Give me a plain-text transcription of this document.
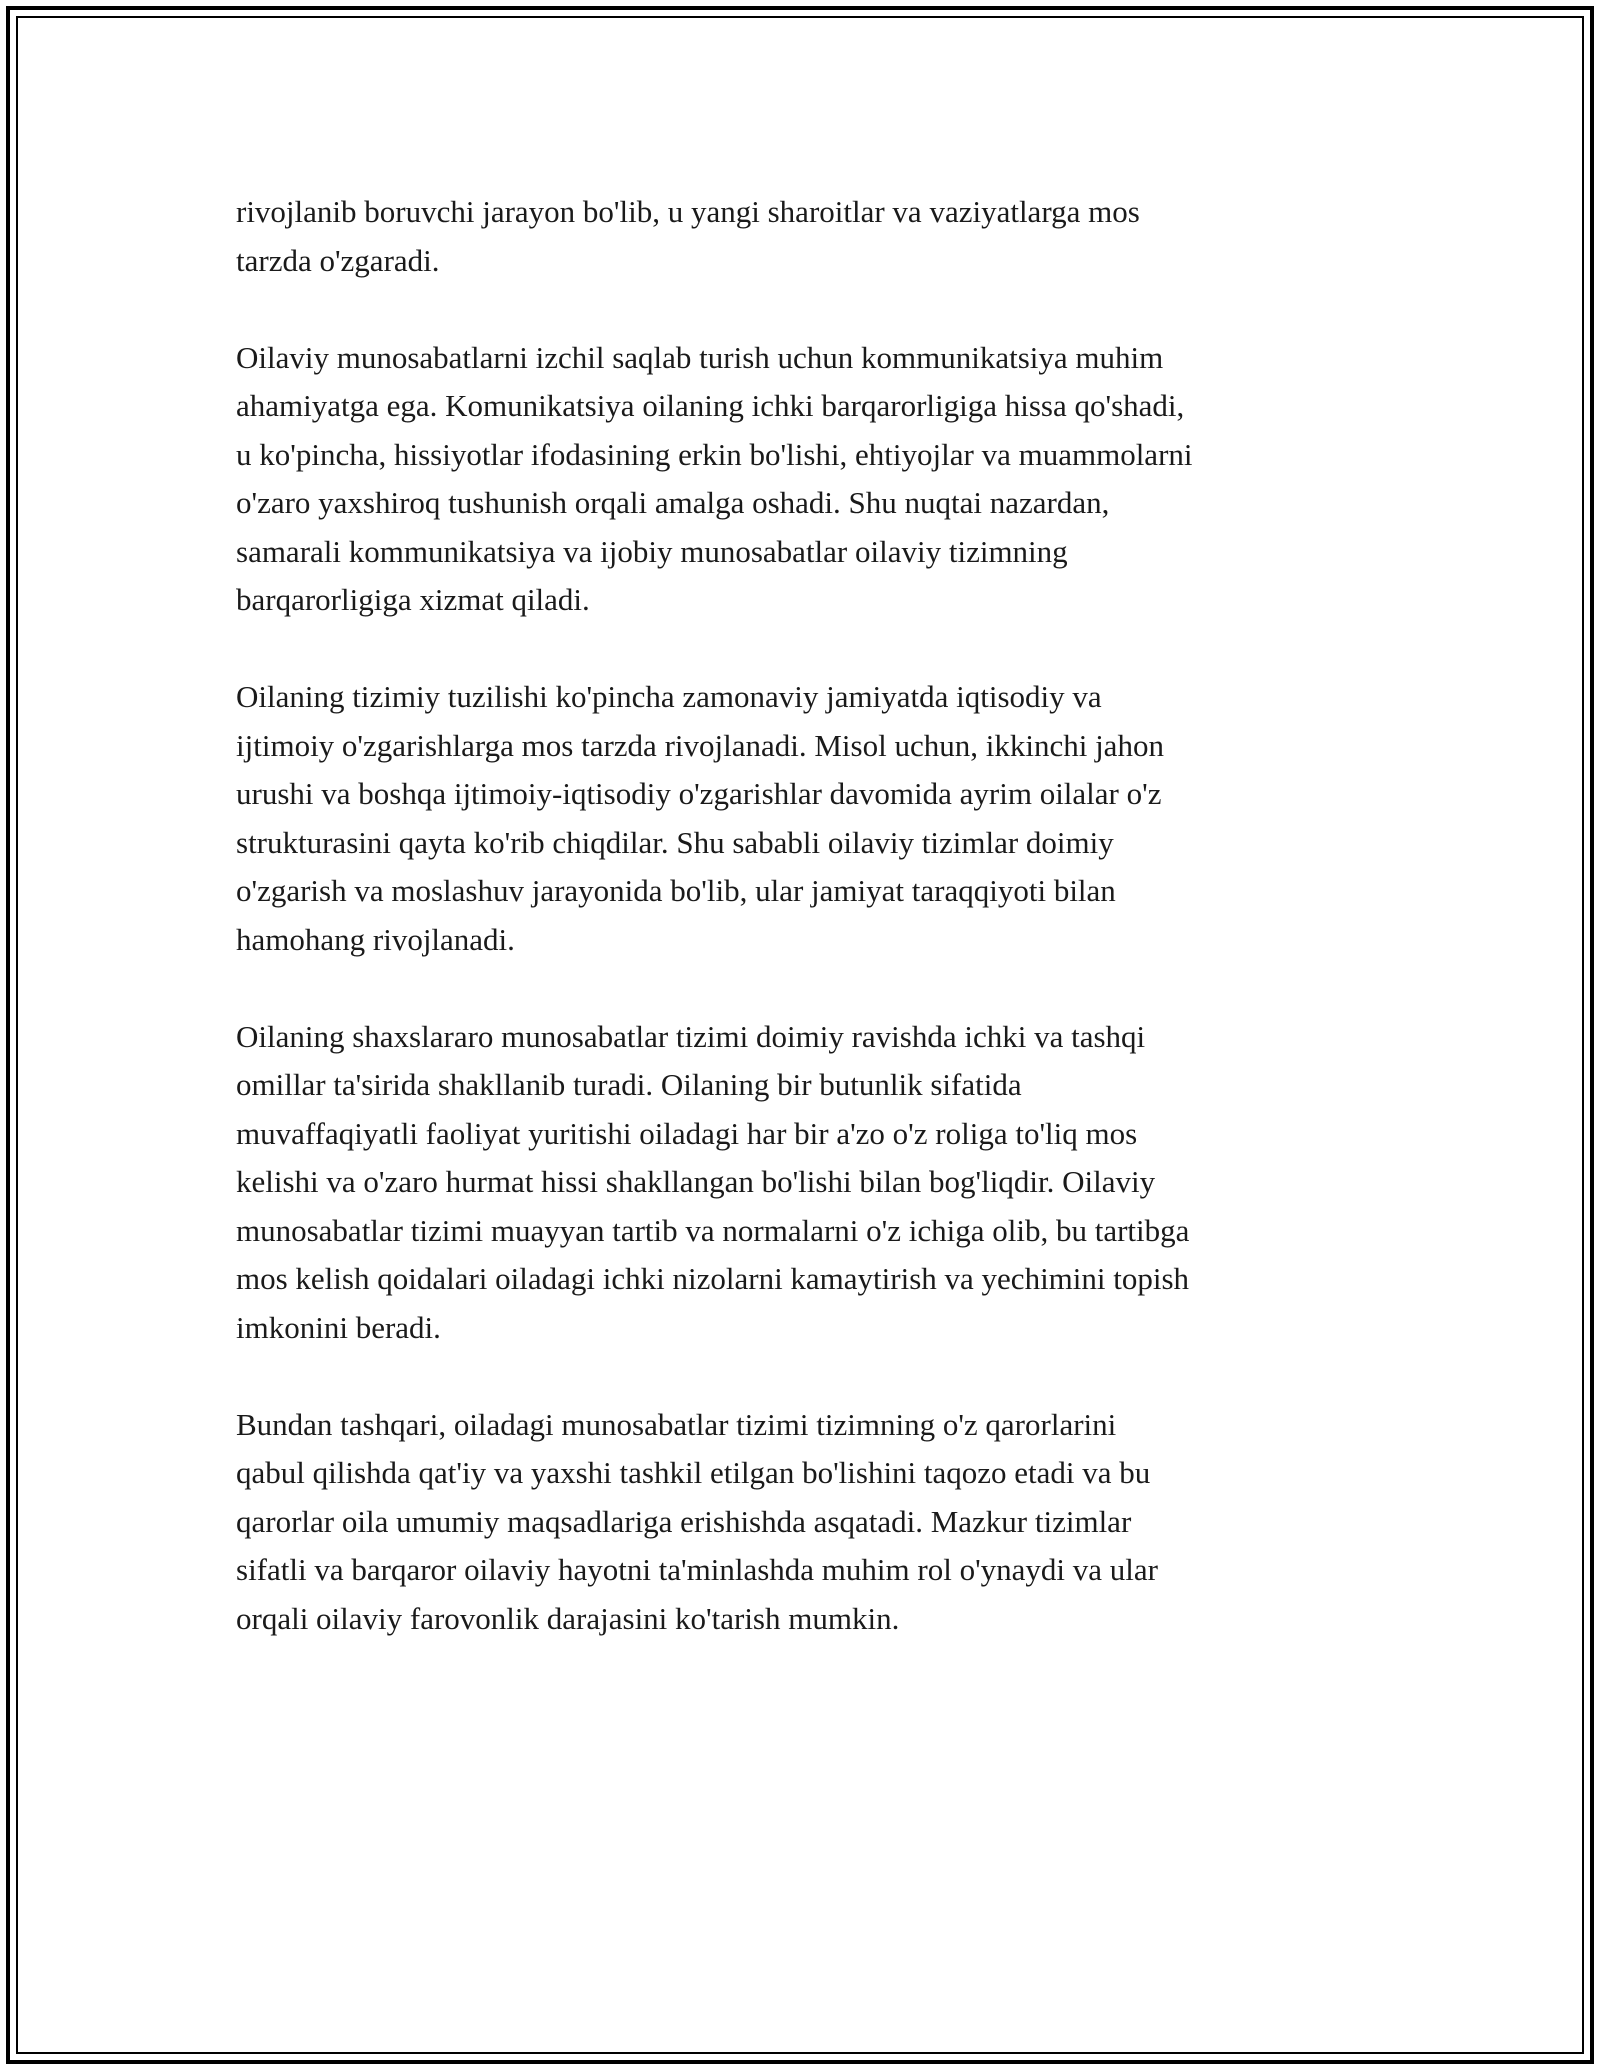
rivojlanib boruvchi jarayon bo'lib, u yangi sharoitlar va vaziyatlarga mos
tarzda o'zgaradi.

Oilaviy munosabatlarni izchil saqlab turish uchun kommunikatsiya muhim
ahamiyatga ega. Komunikatsiya oilaning ichki barqarorligiga hissa qo'shadi,
u ko'pincha, hissiyotlar ifodasining erkin bo'lishi, ehtiyojlar va muammolarni
o'zaro yaxshiroq tushunish orqali amalga oshadi. Shu nuqtai nazardan,
samarali kommunikatsiya va ijobiy munosabatlar oilaviy tizimning
barqarorligiga xizmat qiladi.

Oilaning tizimiy tuzilishi ko'pincha zamonaviy jamiyatda iqtisodiy va
ijtimoiy o'zgarishlarga mos tarzda rivojlanadi. Misol uchun, ikkinchi jahon
urushi va boshqa ijtimoiy-iqtisodiy o'zgarishlar davomida ayrim oilalar o'z
strukturasini qayta ko'rib chiqdilar. Shu sababli oilaviy tizimlar doimiy
o'zgarish va moslashuv jarayonida bo'lib, ular jamiyat taraqqiyoti bilan
hamohang rivojlanadi.

Oilaning shaxslararo munosabatlar tizimi doimiy ravishda ichki va tashqi
omillar ta'sirida shakllanib turadi. Oilaning bir butunlik sifatida
muvaffaqiyatli faoliyat yuritishi oiladagi har bir a'zo o'z roliga to'liq mos
kelishi va o'zaro hurmat hissi shakllangan bo'lishi bilan bog'liqdir. Oilaviy
munosabatlar tizimi muayyan tartib va normalarni o'z ichiga olib, bu tartibga
mos kelish qoidalari oiladagi ichki nizolarni kamaytirish va yechimini topish
imkonini beradi.

Bundan tashqari, oiladagi munosabatlar tizimi tizimning o'z qarorlarini
qabul qilishda qat'iy va yaxshi tashkil etilgan bo'lishini taqozo etadi va bu
qarorlar oila umumiy maqsadlariga erishishda asqatadi. Mazkur tizimlar
sifatli va barqaror oilaviy hayotni ta'minlashda muhim rol o'ynaydi va ular
orqali oilaviy farovonlik darajasini ko'tarish mumkin.
